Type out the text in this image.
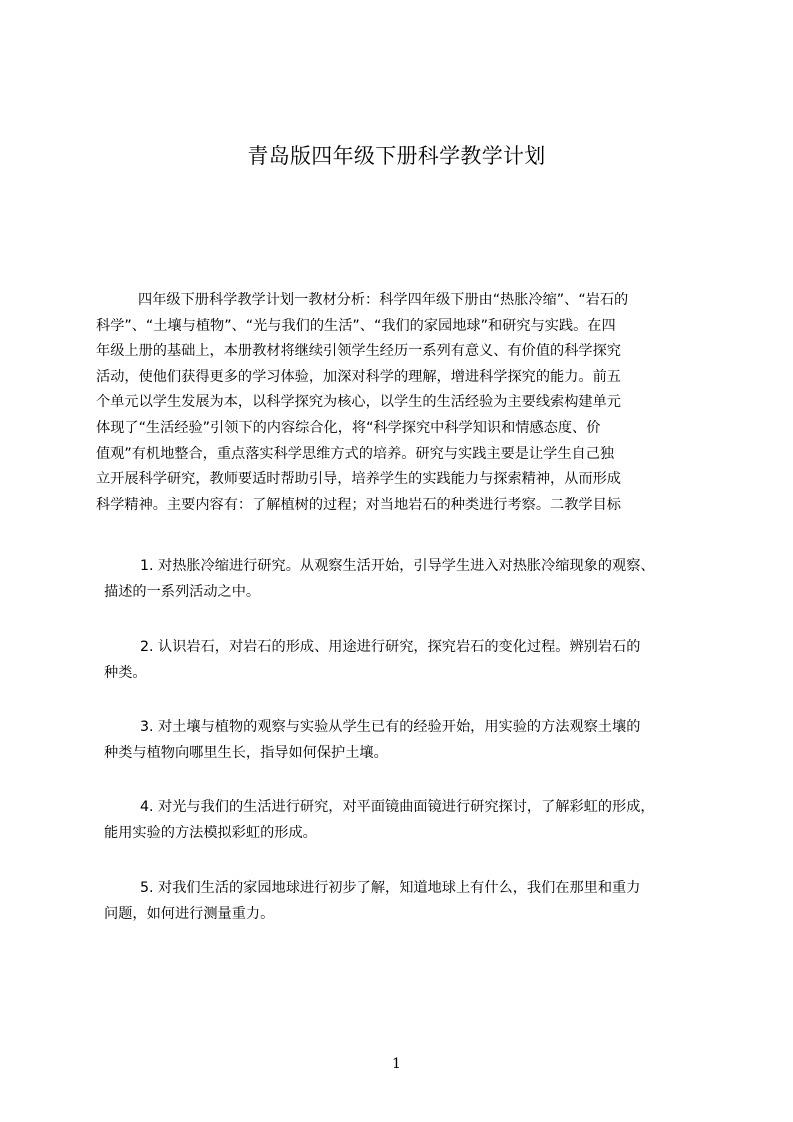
青岛版四年级下册科学教学计划
四年级下册科学教学计划一教材分析：科学四年级下册由“热胀冷缩”、“岩石的
科学”、“土壤与植物”、“光与我们的生活”、“我们的家园地球”和研究与实践。在四
年级上册的基础上，本册教材将继续引领学生经历一系列有意义、有价值的科学探究
活动，使他们获得更多的学习体验，加深对科学的理解，增进科学探究的能力。前五
个单元以学生发展为本，以科学探究为核心，以学生的生活经验为主要线索构建单元
体现了“生活经验”引领下的内容综合化，将“科学探究中科学知识和情感态度、价
值观”有机地整合，重点落实科学思维方式的培养。研究与实践主要是让学生自己独
立开展科学研究，教师要适时帮助引导，培养学生的实践能力与探索精神，从而形成
科学精神。主要内容有：了解植树的过程；对当地岩石的种类进行考察。二教学目标
1. 对热胀冷缩进行研究。从观察生活开始，引导学生进入对热胀冷缩现象的观察、
描述的一系列活动之中。
2. 认识岩石，对岩石的形成、用途进行研究，探究岩石的变化过程。辨别岩石的
种类。
3. 对土壤与植物的观察与实验从学生已有的经验开始，用实验的方法观察土壤的
种类与植物向哪里生长，指导如何保护土壤。
4. 对光与我们的生活进行研究，对平面镜曲面镜进行研究探讨，了解彩虹的形成，
能用实验的方法模拟彩虹的形成。
5. 对我们生活的家园地球进行初步了解，知道地球上有什么，我们在那里和重力
问题，如何进行测量重力。
1
